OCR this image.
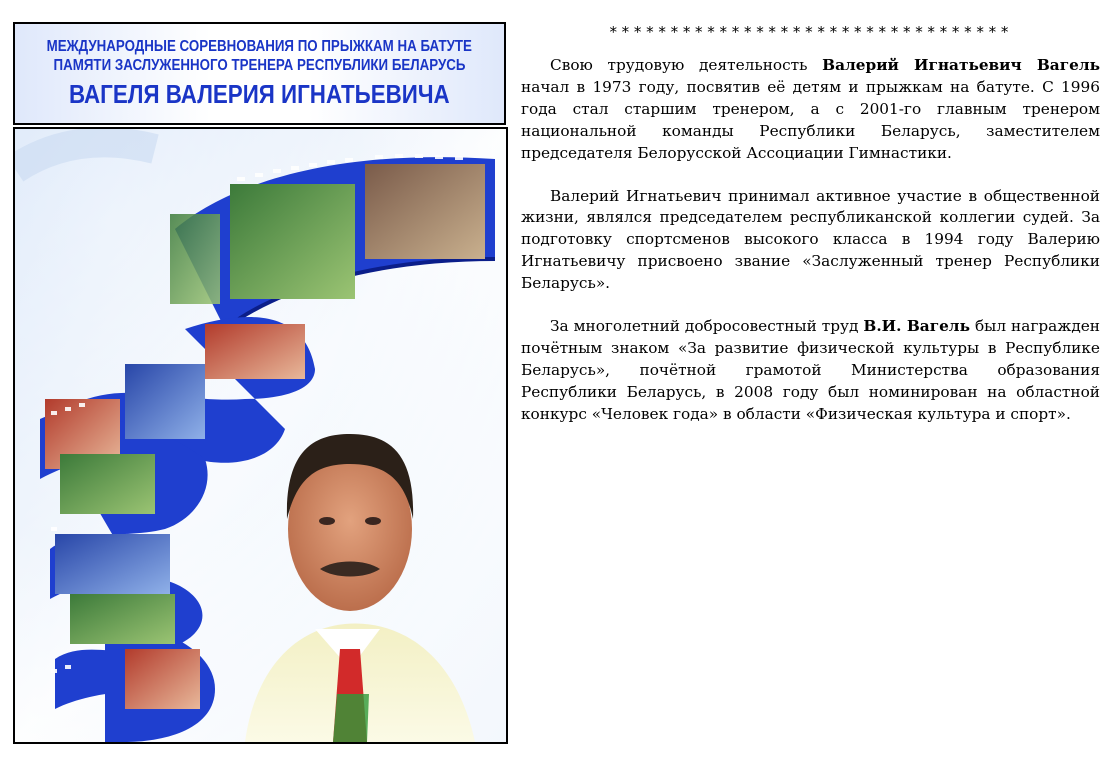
МЕЖДУНАРОДНЫЕ СОРЕВНОВАНИЯ ПО ПРЫЖКАМ НА БАТУТЕ
ПАМЯТИ ЗАСЛУЖЕННОГО ТРЕНЕРА РЕСПУБЛИКИ БЕЛАРУСЬ
ВАГЕЛЯ ВАЛЕРИЯ ИГНАТЬЕВИЧА
*********************************

Свою трудовую деятельность Валерий Игнатьевич Вагель начал в 1973 году, посвятив её детям и прыжкам на батуте. С 1996 года стал старшим тренером, а с 2001-го главным тренером национальной команды Республики Беларусь, заместителем председателя Белорусской Ассоциации Гимнастики.

Валерий Игнатьевич принимал активное участие в общественной жизни, являлся председателем республиканской коллегии судей. За подготовку спортсменов высокого класса в 1994 году Валерию Игнатьевичу присвоено звание «Заслуженный тренер Республики Беларусь».

За многолетний добросовестный труд В.И. Вагель был награжден почётным знаком «За развитие физической культуры в Республике Беларусь», почётной грамотой Министерства образования Республики Беларусь, в 2008 году был номинирован на областной конкурс «Человек года» в области «Физическая культура и спорт».
